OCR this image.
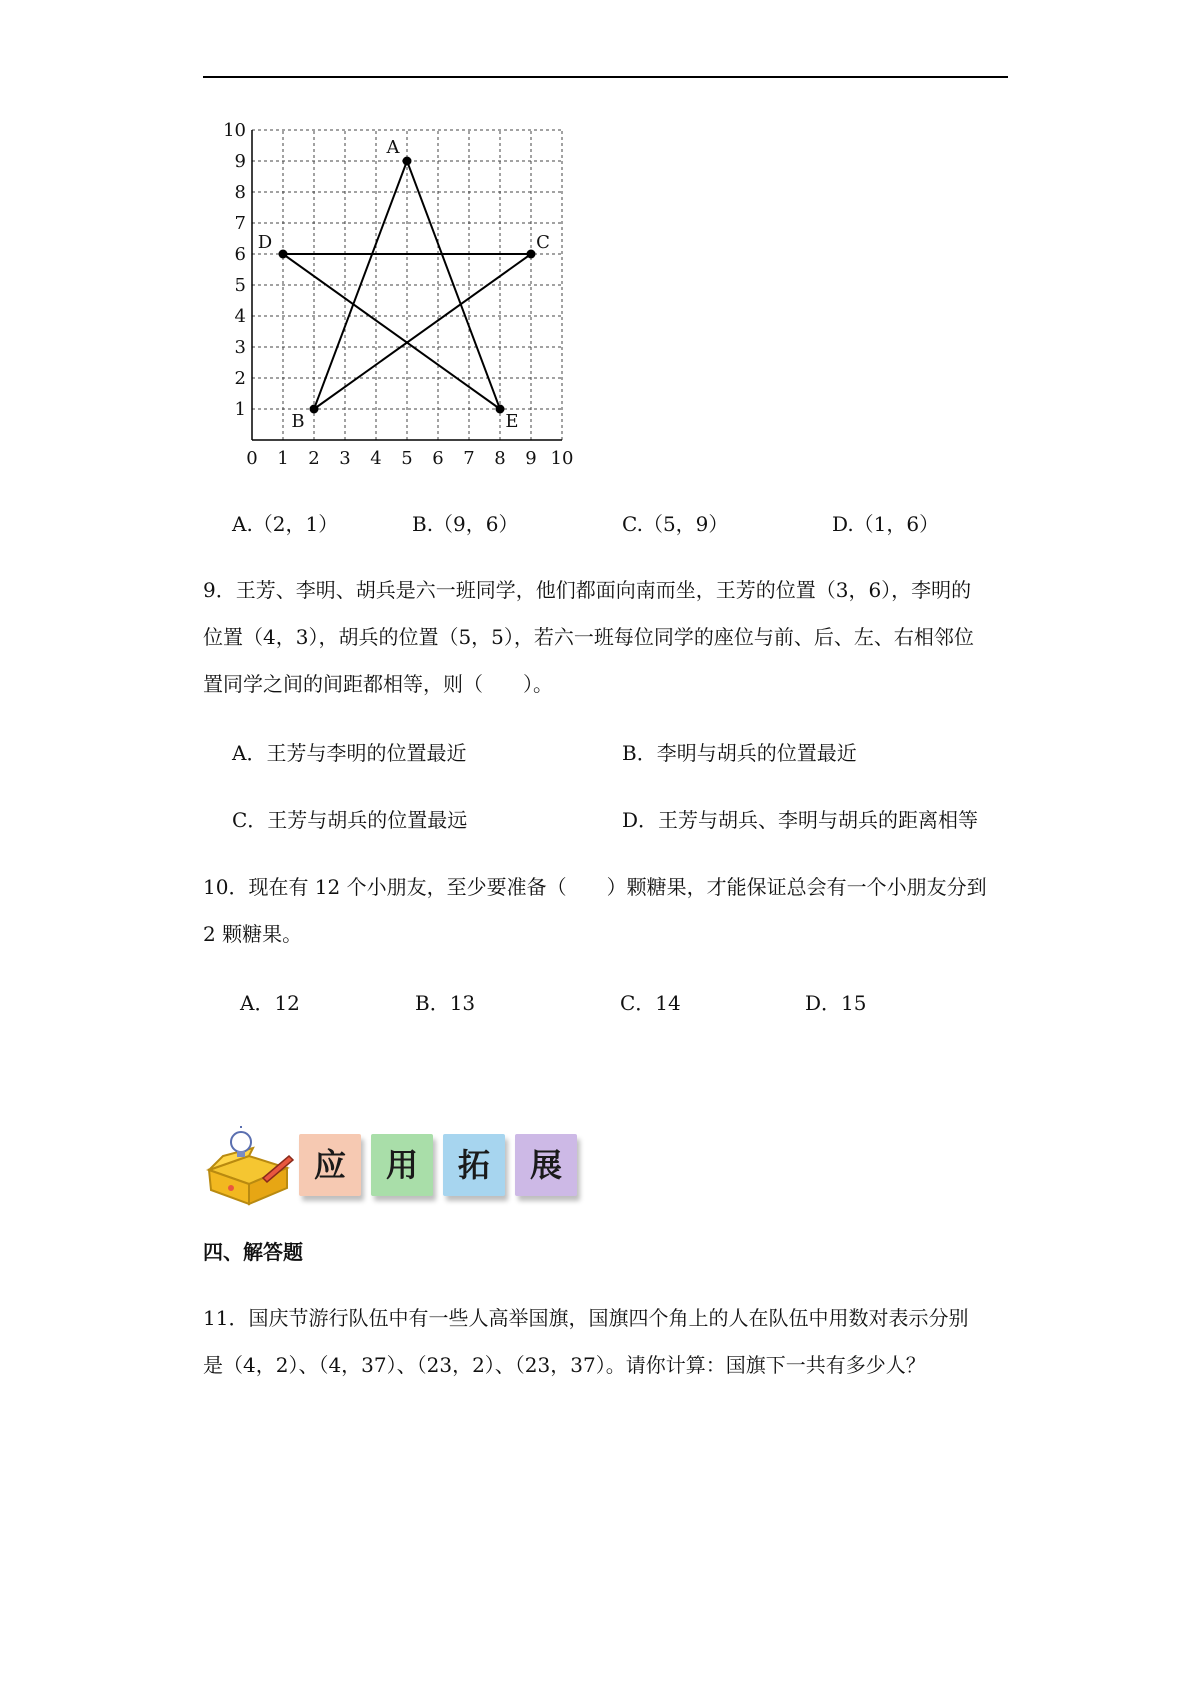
1
2
3
4
5
6
7
8
9
10
0 1 2 3 4 5 6 7 8 9 10
A
B
C
D
E
A.（2，1）	B.（9，6）	C.（5，9）	D.（1，6）
9．王芳、李明、胡兵是六一班同学，他们都面向南而坐，王芳的位置（3，6），李明的
位置（4，3），胡兵的位置（5，5），若六一班每位同学的座位与前、后、左、右相邻位
置同学之间的间距都相等，则（　　）。
A．王芳与李明的位置最近	B．李明与胡兵的位置最近
C．王芳与胡兵的位置最远	D．王芳与胡兵、李明与胡兵的距离相等
10．现在有 12 个小朋友，至少要准备（　　）颗糖果，才能保证总会有一个小朋友分到
2 颗糖果。
A．12	B．13	C．14	D．15
应	用	拓	展
四、解答题
11．国庆节游行队伍中有一些人高举国旗，国旗四个角上的人在队伍中用数对表示分别
是（4，2）、（4，37）、（23，2）、（23，37）。请你计算：国旗下一共有多少人？
